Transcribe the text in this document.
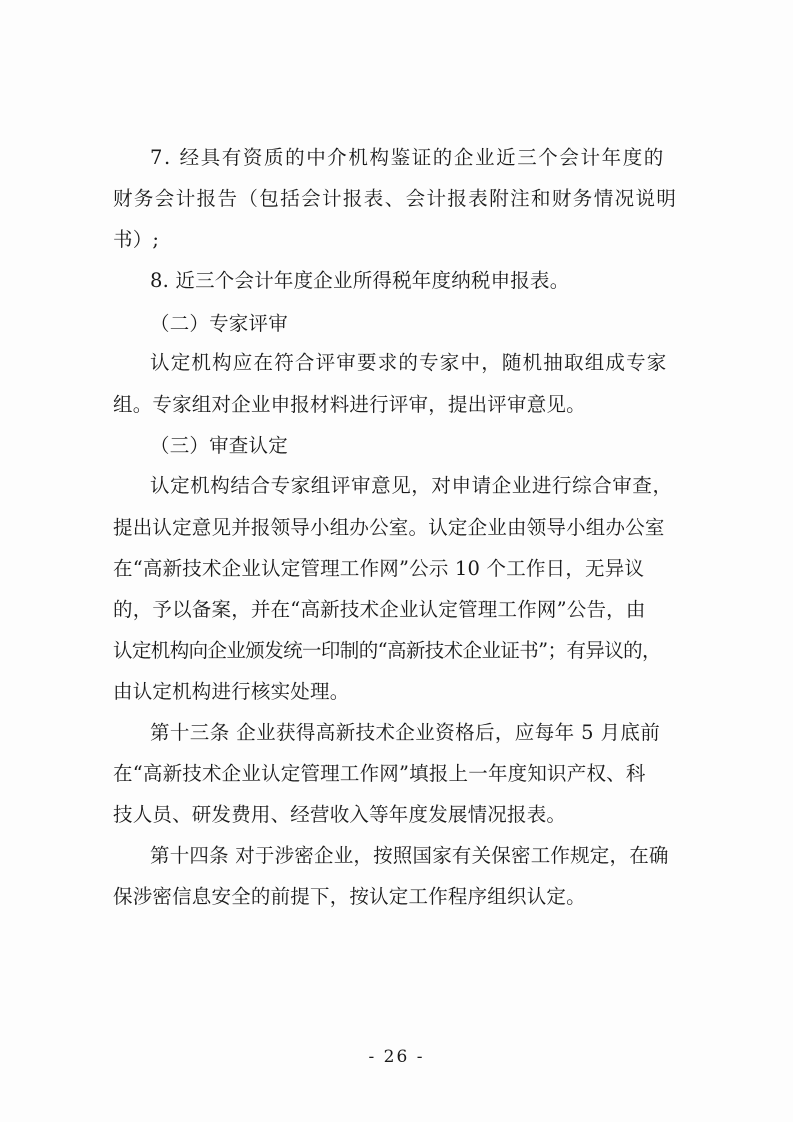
7. 经具有资质的中介机构鉴证的企业近三个会计年度的
财务会计报告（包括会计报表、会计报表附注和财务情况说明
书）;
8. 近三个会计年度企业所得税年度纳税申报表。
（二）专家评审
认定机构应在符合评审要求的专家中，随机抽取组成专家
组。专家组对企业申报材料进行评审，提出评审意见。
（三）审查认定
认定机构结合专家组评审意见，对申请企业进行综合审查，
提出认定意见并报领导小组办公室。认定企业由领导小组办公室
在“高新技术企业认定管理工作网”公示 10 个工作日，无异议
的，予以备案，并在“高新技术企业认定管理工作网”公告，由
认定机构向企业颁发统一印制的“高新技术企业证书”；有异议的，
由认定机构进行核实处理。
第十三条 企业获得高新技术企业资格后，应每年 5 月底前
在“高新技术企业认定管理工作网”填报上一年度知识产权、科
技人员、研发费用、经营收入等年度发展情况报表。
第十四条 对于涉密企业，按照国家有关保密工作规定，在确
保涉密信息安全的前提下，按认定工作程序组织认定。
- 26 -
